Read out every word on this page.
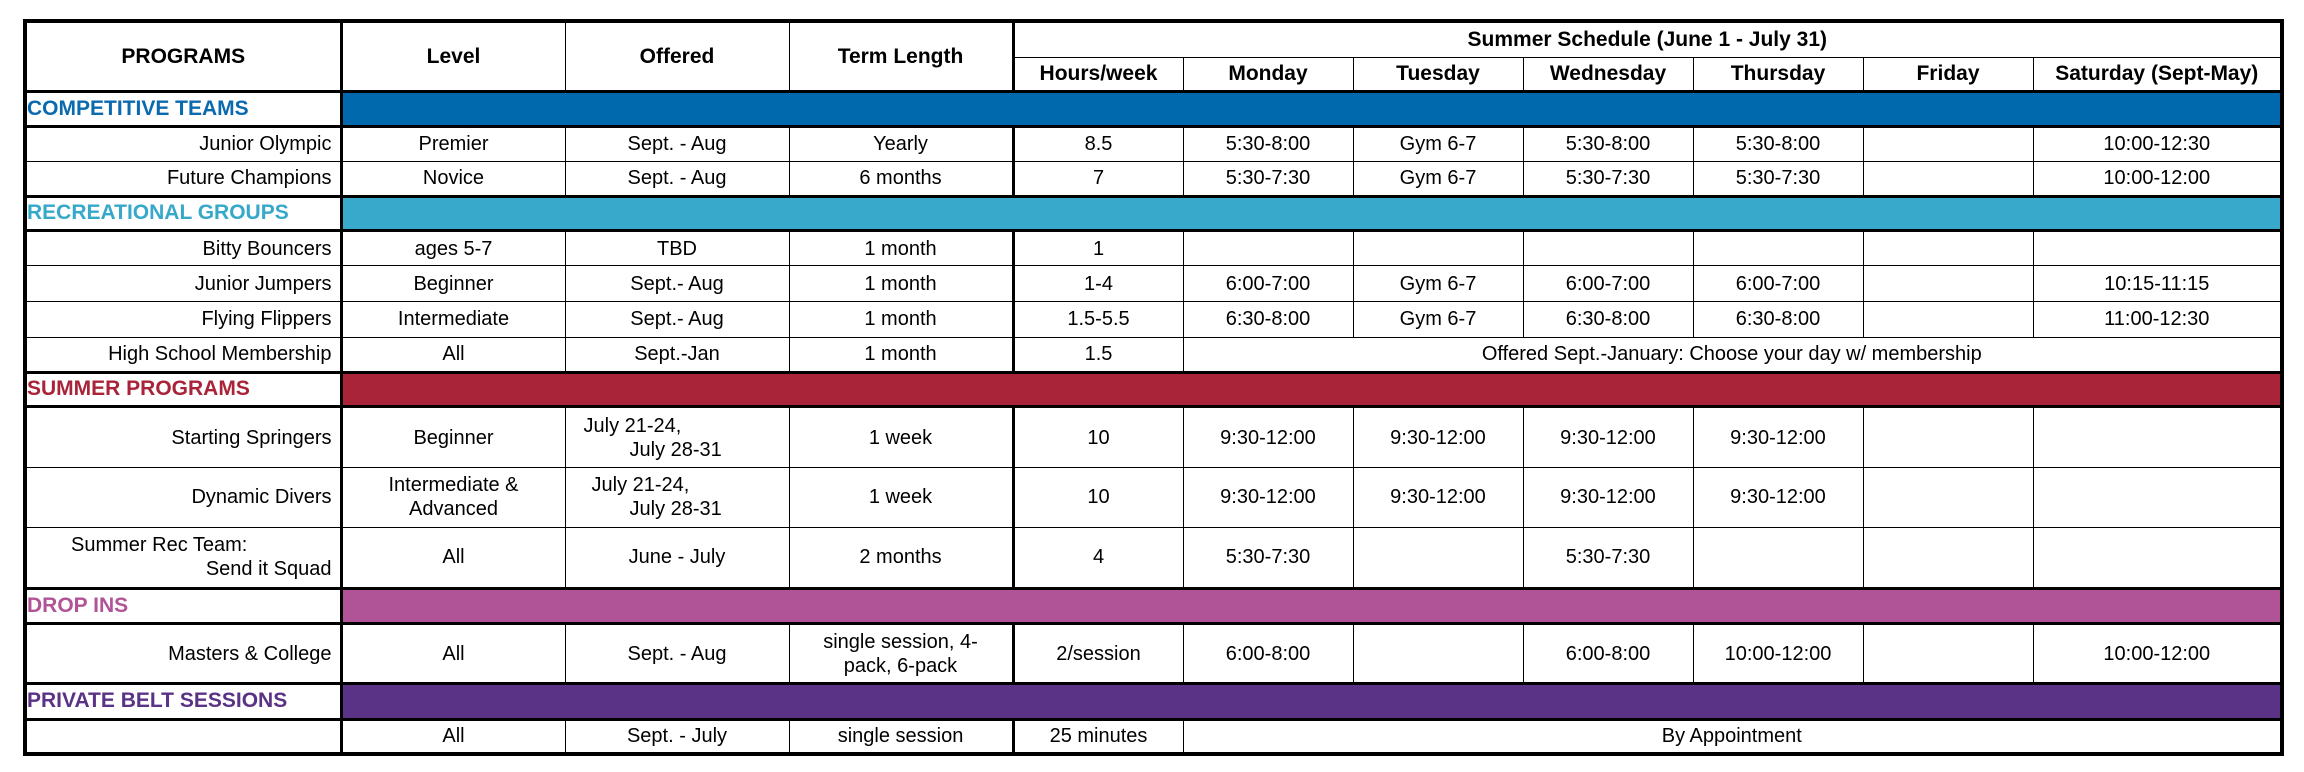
PROGRAMS	Level	Offered	Term Length	Summer Schedule (June 1 - July 31)						
				Hours/week	Monday	Tuesday	Wednesday	Thursday	Friday	Saturday (Sept-May)
COMPETITIVE TEAMS										
Junior Olympic	Premier	Sept. - Aug	Yearly	8.5	5:30-8:00	Gym 6-7	5:30-8:00	5:30-8:00		10:00-12:30
Future Champions	Novice	Sept. - Aug	6 months	7	5:30-7:30	Gym 6-7	5:30-7:30	5:30-7:30		10:00-12:00
RECREATIONAL GROUPS										
Bitty Bouncers	ages 5-7	TBD	1 month	1						
Junior Jumpers	Beginner	Sept.- Aug	1 month	1-4	6:00-7:00	Gym 6-7	6:00-7:00	6:00-7:00		10:15-11:15
Flying Flippers	Intermediate	Sept.- Aug	1 month	1.5-5.5	6:30-8:00	Gym 6-7	6:30-8:00	6:30-8:00		11:00-12:30
High School Membership	All	Sept.-Jan	1 month	1.5	Offered Sept.-January: Choose your day w/ membership					
SUMMER PROGRAMS										
Starting Springers	Beginner	July 21-24,
July 28-31	1 week	10	9:30-12:00	9:30-12:00	9:30-12:00	9:30-12:00		
Dynamic Divers	Intermediate &
Advanced	July 21-24,
July 28-31	1 week	10	9:30-12:00	9:30-12:00	9:30-12:00	9:30-12:00		

Summer Rec Team:
Send it Squad	All	June - July	2 months	4	5:30-7:30		5:30-7:30			
DROP INS										
Masters & College	All	Sept. - Aug	single session, 4-
pack, 6-pack	2/session	6:00-8:00		6:00-8:00	10:00-12:00		10:00-12:00
PRIVATE BELT SESSIONS										
	All	Sept. - July	single session	25 minutes	By Appointment					
